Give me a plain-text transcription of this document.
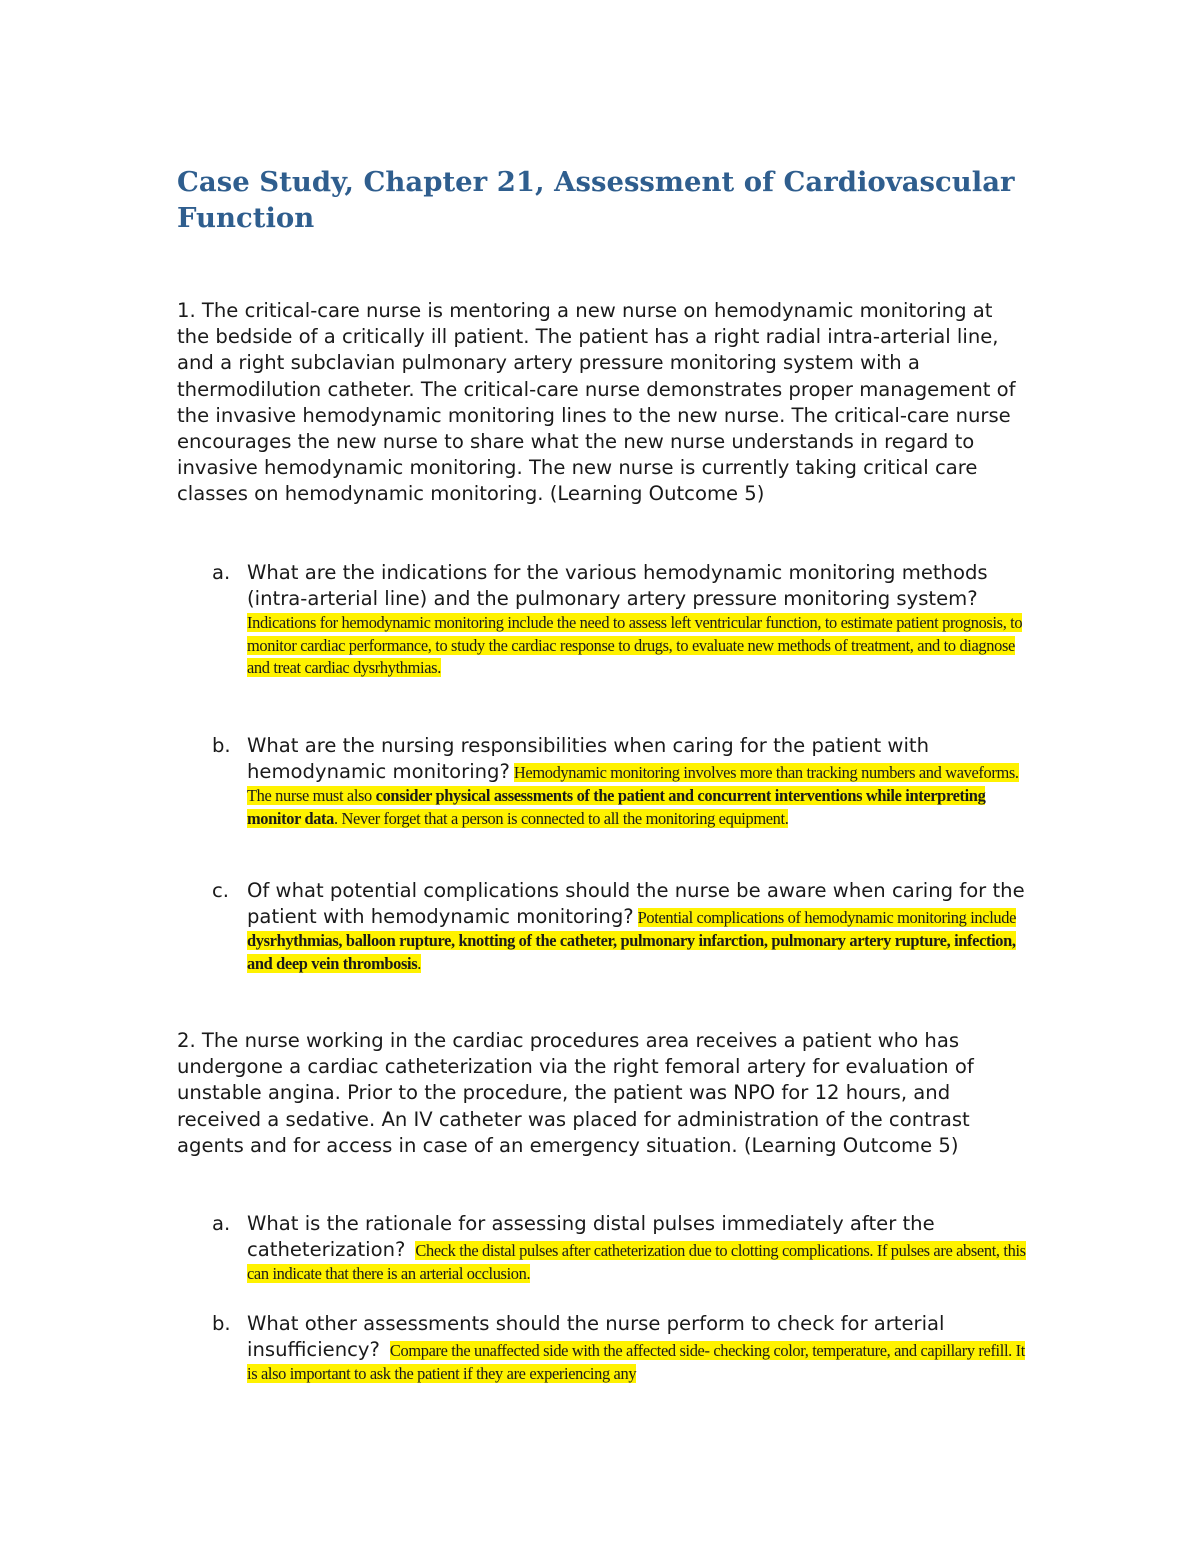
Case Study, Chapter 21, Assessment of Cardiovascular Function

1. The critical-care nurse is mentoring a new nurse on hemodynamic monitoring at the bedside of a critically ill patient. The patient has a right radial intra-arterial line, and a right subclavian pulmonary artery pressure monitoring system with a thermodilution catheter. The critical-care nurse demonstrates proper management of the invasive hemodynamic monitoring lines to the new nurse. The critical-care nurse encourages the new nurse to share what the new nurse understands in regard to invasive hemodynamic monitoring. The new nurse is currently taking critical care classes on hemodynamic monitoring. (Learning Outcome 5)

a. What are the indications for the various hemodynamic monitoring methods (intra-arterial line) and the pulmonary artery pressure monitoring system?Indications for hemodynamic monitoring include the need to assess left ventricular function, to estimate patient prognosis, to monitor cardiac performance, to study the cardiac response to drugs, to evaluate new methods of treatment, and to diagnose and treat cardiac dysrhythmias.
b. What are the nursing responsibilities when caring for the patient with hemodynamic monitoring? Hemodynamic monitoring involves more than tracking numbers and waveforms. The nurse must also consider physical assessments of the patient and concurrent interventions while interpreting monitor data. Never forget that a person is connected to all the monitoring equipment.
c. Of what potential complications should the nurse be aware when caring for the patient with hemodynamic monitoring? Potential complications of hemodynamic monitoring include dysrhythmias, balloon rupture, knotting of the catheter, pulmonary infarction, pulmonary artery rupture, infection, and deep vein thrombosis.

2. The nurse working in the cardiac procedures area receives a patient who has undergone a cardiac catheterization via the right femoral artery for evaluation of unstable angina. Prior to the procedure, the patient was NPO for 12 hours, and received a sedative. An IV catheter was placed for administration of the contrast agents and for access in case of an emergency situation. (Learning Outcome 5)

a. What is the rationale for assessing distal pulses immediately after the catheterization? Check the distal pulses after catheterization due to clotting complications. If pulses are absent, this can indicate that there is an arterial occlusion.
b. What other assessments should the nurse perform to check for arterial insufficiency? Compare the unaffected side with the affected side- checking color, temperature, and capillary refill. It is also important to ask the patient if they are experiencing any
